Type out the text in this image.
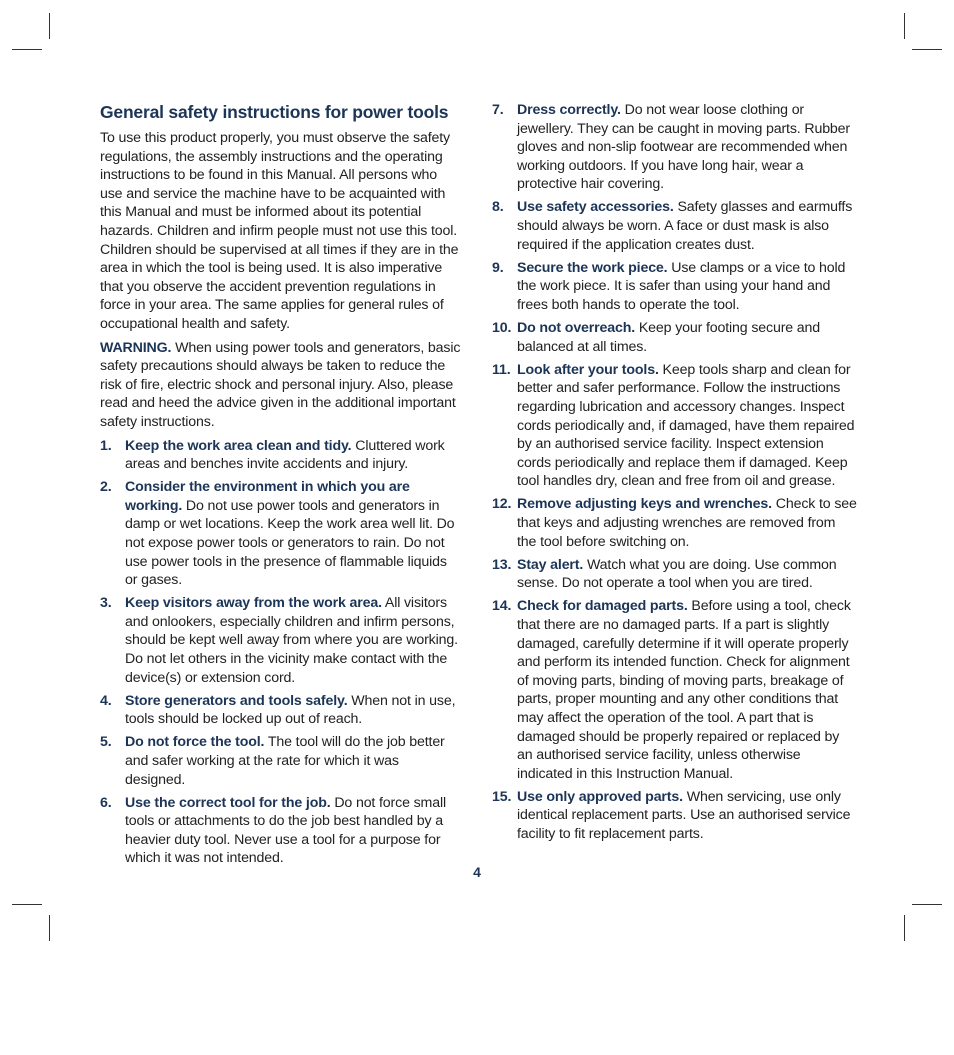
General safety instructions for power tools

To use this product properly, you must observe the safety regulations, the assembly instructions and the operating instructions to be found in this Manual. All persons who use and service the machine have to be acquainted with this Manual and must be informed about its potential hazards. Children and infirm people must not use this tool. Children should be supervised at all times if they are in the area in which the tool is being used. It is also imperative that you observe the accident prevention regulations in force in your area. The same applies for general rules of occupational health and safety.

WARNING. When using power tools and generators, basic safety precautions should always be taken to reduce the risk of fire, electric shock and personal injury. Also, please read and heed the advice given in the additional important safety instructions.

1. Keep the work area clean and tidy. Cluttered work areas and benches invite accidents and injury.
2. Consider the environment in which you are working. Do not use power tools and generators in damp or wet locations. Keep the work area well lit. Do not expose power tools or generators to rain. Do not use power tools in the presence of flammable liquids or gases.
3. Keep visitors away from the work area. All visitors and onlookers, especially children and infirm persons, should be kept well away from where you are working. Do not let others in the vicinity make contact with the device(s) or extension cord.
4. Store generators and tools safely. When not in use, tools should be locked up out of reach.
5. Do not force the tool. The tool will do the job better and safer working at the rate for which it was designed.
6. Use the correct tool for the job. Do not force small tools or attachments to do the job best handled by a heavier duty tool. Never use a tool for a purpose for which it was not intended.
7. Dress correctly. Do not wear loose clothing or jewellery. They can be caught in moving parts. Rubber gloves and non-slip footwear are recommended when working outdoors. If you have long hair, wear a protective hair covering.
8. Use safety accessories. Safety glasses and earmuffs should always be worn. A face or dust mask is also required if the application creates dust.
9. Secure the work piece. Use clamps or a vice to hold the work piece. It is safer than using your hand and frees both hands to operate the tool.
10. Do not overreach. Keep your footing secure and balanced at all times.
11. Look after your tools. Keep tools sharp and clean for better and safer performance. Follow the instructions regarding lubrication and accessory changes. Inspect cords periodically and, if damaged, have them repaired by an authorised service facility. Inspect extension cords periodically and replace them if damaged. Keep tool handles dry, clean and free from oil and grease.
12. Remove adjusting keys and wrenches. Check to see that keys and adjusting wrenches are removed from the tool before switching on.
13. Stay alert. Watch what you are doing. Use common sense. Do not operate a tool when you are tired.
14. Check for damaged parts. Before using a tool, check that there are no damaged parts. If a part is slightly damaged, carefully determine if it will operate properly and perform its intended function. Check for alignment of moving parts, binding of moving parts, breakage of parts, proper mounting and any other conditions that may affect the operation of the tool. A part that is damaged should be properly repaired or replaced by an authorised service facility, unless otherwise indicated in this Instruction Manual.
15. Use only approved parts. When servicing, use only identical replacement parts. Use an authorised service facility to fit replacement parts.
4
